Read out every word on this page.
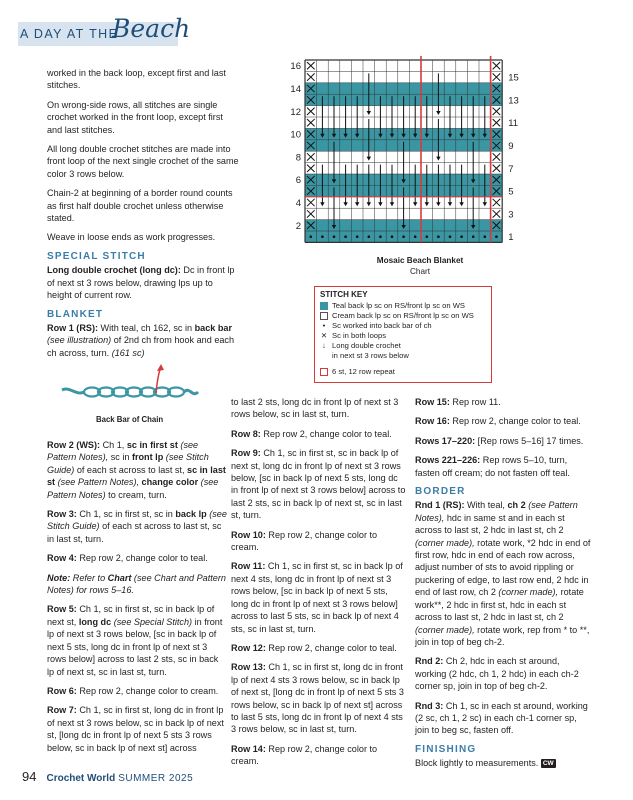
A DAY AT THE
Beach

worked in the back loop, except first and last stitches.

On wrong-side rows, all stitches are single crochet worked in the front loop, except first and last stitches.

All long double crochet stitches are made into front loop of the next single crochet of the same color 3 rows below.

Chain-2 at beginning of a border round counts as first half double crochet unless otherwise stated.

Weave in loose ends as work progresses.

SPECIAL STITCH

Long double crochet (long dc): Dc in front lp of next st 3 rows below, drawing lps up to height of current row.

BLANKET

Row 1 (RS): With teal, ch 162, sc in back bar (see illustration) of 2nd ch from hook and each ch across, turn. (161 sc)

Back Bar of Chain

Row 2 (WS): Ch 1, sc in first st (see Pattern Notes), sc in front lp (see Stitch Guide) of each st across to last st, sc in last st (see Pattern Notes), change color (see Pattern Notes) to cream, turn.

Row 3: Ch 1, sc in first st, sc in back lp (see Stitch Guide) of each st across to last st, sc in last st, turn.

Row 4: Rep row 2, change color to teal.

Note: Refer to Chart (see Chart and Pattern Notes) for rows 5–16.

Row 5: Ch 1, sc in first st, sc in back lp of next st, long dc (see Special Stitch) in front lp of next st 3 rows below, [sc in back lp of next 5 sts, long dc in front lp of next st 3 rows below] across to last 2 sts, sc in back lp of next st, sc in last st, turn.

Row 6: Rep row 2, change color to cream.

Row 7: Ch 1, sc in first st, long dc in front lp of next st 3 rows below, sc in back lp of next st, [long dc in front lp of next 5 sts 3 rows below, sc in back lp of next st] across

to last 2 sts, long dc in front lp of next st 3 rows below, sc in last st, turn.

Row 8: Rep row 2, change color to teal.

Row 9: Ch 1, sc in first st, sc in back lp of next st, long dc in front lp of next st 3 rows below, [sc in back lp of next 5 sts, long dc in front lp of next st 3 rows below] across to last 2 sts, sc in back lp of next st, sc in last st, turn.

Row 10: Rep row 2, change color to cream.

Row 11: Ch 1, sc in first st, sc in back lp of next 4 sts, long dc in front lp of next st 3 rows below, [sc in back lp of next 5 sts, long dc in front lp of next st 3 rows below] across to last 5 sts, sc in back lp of next 4 sts, sc in last st, turn.

Row 12: Rep row 2, change color to teal.

Row 13: Ch 1, sc in first st, long dc in front lp of next 4 sts 3 rows below, sc in back lp of next st, [long dc in front lp of next 5 sts 3 rows below, sc in back lp of next st] across to last 5 sts, long dc in front lp of next 4 sts 3 rows below, sc in last st, turn.

Row 14: Rep row 2, change color to cream.

Row 15: Rep row 11.

Row 16: Rep row 2, change color to teal.

Rows 17–220: [Rep rows 5–16] 17 times.

Rows 221–226: Rep rows 5–10, turn, fasten off cream; do not fasten off teal.

BORDER

Rnd 1 (RS): With teal, ch 2 (see Pattern Notes), hdc in same st and in each st across to last st, 2 hdc in last st, ch 2 (corner made), rotate work, *2 hdc in end of first row, hdc in end of each row across, adjust number of sts to avoid rippling or puckering of edge, to last row end, 2 hdc in end of last row, ch 2 (corner made), rotate work**, 2 hdc in first st, hdc in each st across to last st, 2 hdc in last st, ch 2 (corner made), rotate work, rep from * to **, join in top of beg ch-2.

Rnd 2: Ch 2, hdc in each st around, working (2 hdc, ch 1, 2 hdc) in each ch-2 corner sp, join in top of beg ch-2.

Rnd 3: Ch 1, sc in each st around, working (2 sc, ch 1, 2 sc) in each ch-1 corner sp, join to beg sc, fasten off.

FINISHING

Block lightly to measurements. CW

2
4
6
8
10
12
14
16
1
3
5
7
9
11
13
15
Mosaic Beach Blanket
Chart
STITCH KEY
Teal back lp sc on RS/front lp sc on WS
Cream back lp sc on RS/front lp sc on WS
• Sc worked into back bar of ch
✕ Sc in both loops
↓ Long double crochet
in next st 3 rows below
6 st, 12 row repeat
94 Crochet World SUMMER 2025
